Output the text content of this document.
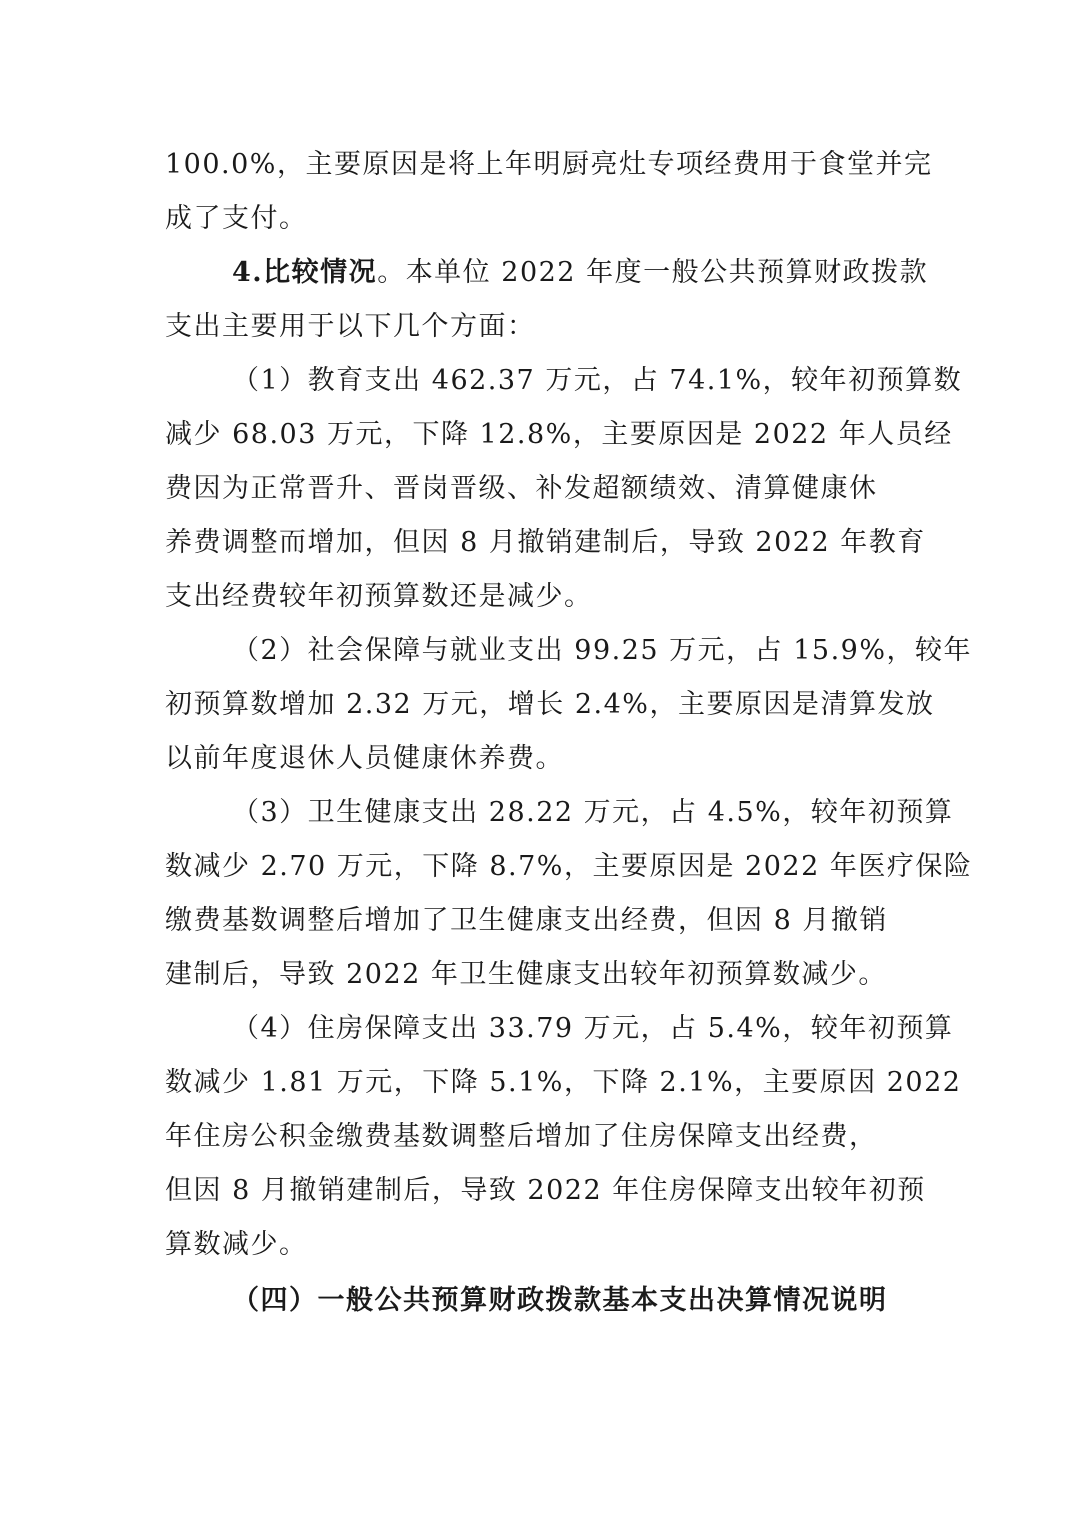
100.0%，主要原因是将上年明厨亮灶专项经费用于食堂并完
成了支付。
4.比较情况。本单位 2022 年度一般公共预算财政拨款
支出主要用于以下几个方面：
（1）教育支出 462.37 万元，占 74.1%，较年初预算数
减少 68.03 万元，下降 12.8%，主要原因是 2022 年人员经
费因为正常晋升、晋岗晋级、补发超额绩效、清算健康休
养费调整而增加，但因 8 月撤销建制后，导致 2022 年教育
支出经费较年初预算数还是减少。
（2）社会保障与就业支出 99.25 万元，占 15.9%，较年
初预算数增加 2.32 万元，增长 2.4%，主要原因是清算发放
以前年度退休人员健康休养费。
（3）卫生健康支出 28.22 万元，占 4.5%，较年初预算
数减少 2.70 万元，下降 8.7%，主要原因是 2022 年医疗保险
缴费基数调整后增加了卫生健康支出经费，但因 8 月撤销
建制后，导致 2022 年卫生健康支出较年初预算数减少。
（4）住房保障支出 33.79 万元，占 5.4%，较年初预算
数减少 1.81 万元，下降 5.1%，下降 2.1%，主要原因 2022
年住房公积金缴费基数调整后增加了住房保障支出经费，
但因 8 月撤销建制后，导致 2022 年住房保障支出较年初预
算数减少。
（四）一般公共预算财政拨款基本支出决算情况说明
